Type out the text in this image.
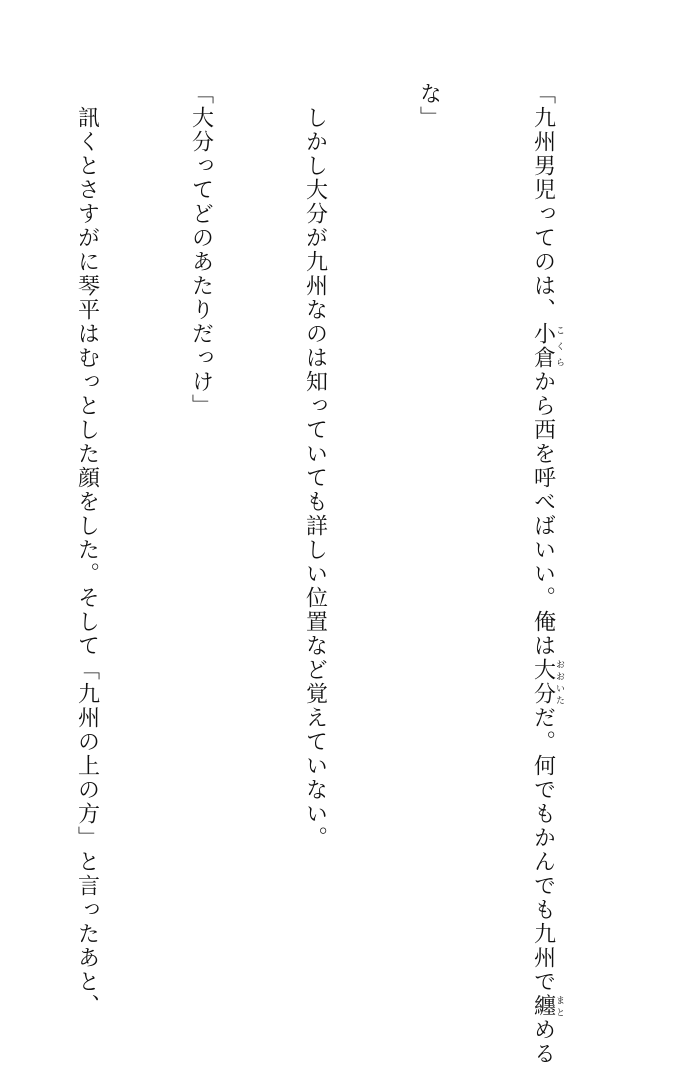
「九州男児ってのは、小倉こくらから西を呼べばいい。俺は大分おおいただ。何でもかんでも九州で纏まとめる

な」

　しかし大分が九州なのは知っていても詳しい位置など覚えていない。

「大分ってどのあたりだっけ」

　訊くとさすがに琴平はむっとした顔をした。そして「九州の上の方」と言ったあと、
